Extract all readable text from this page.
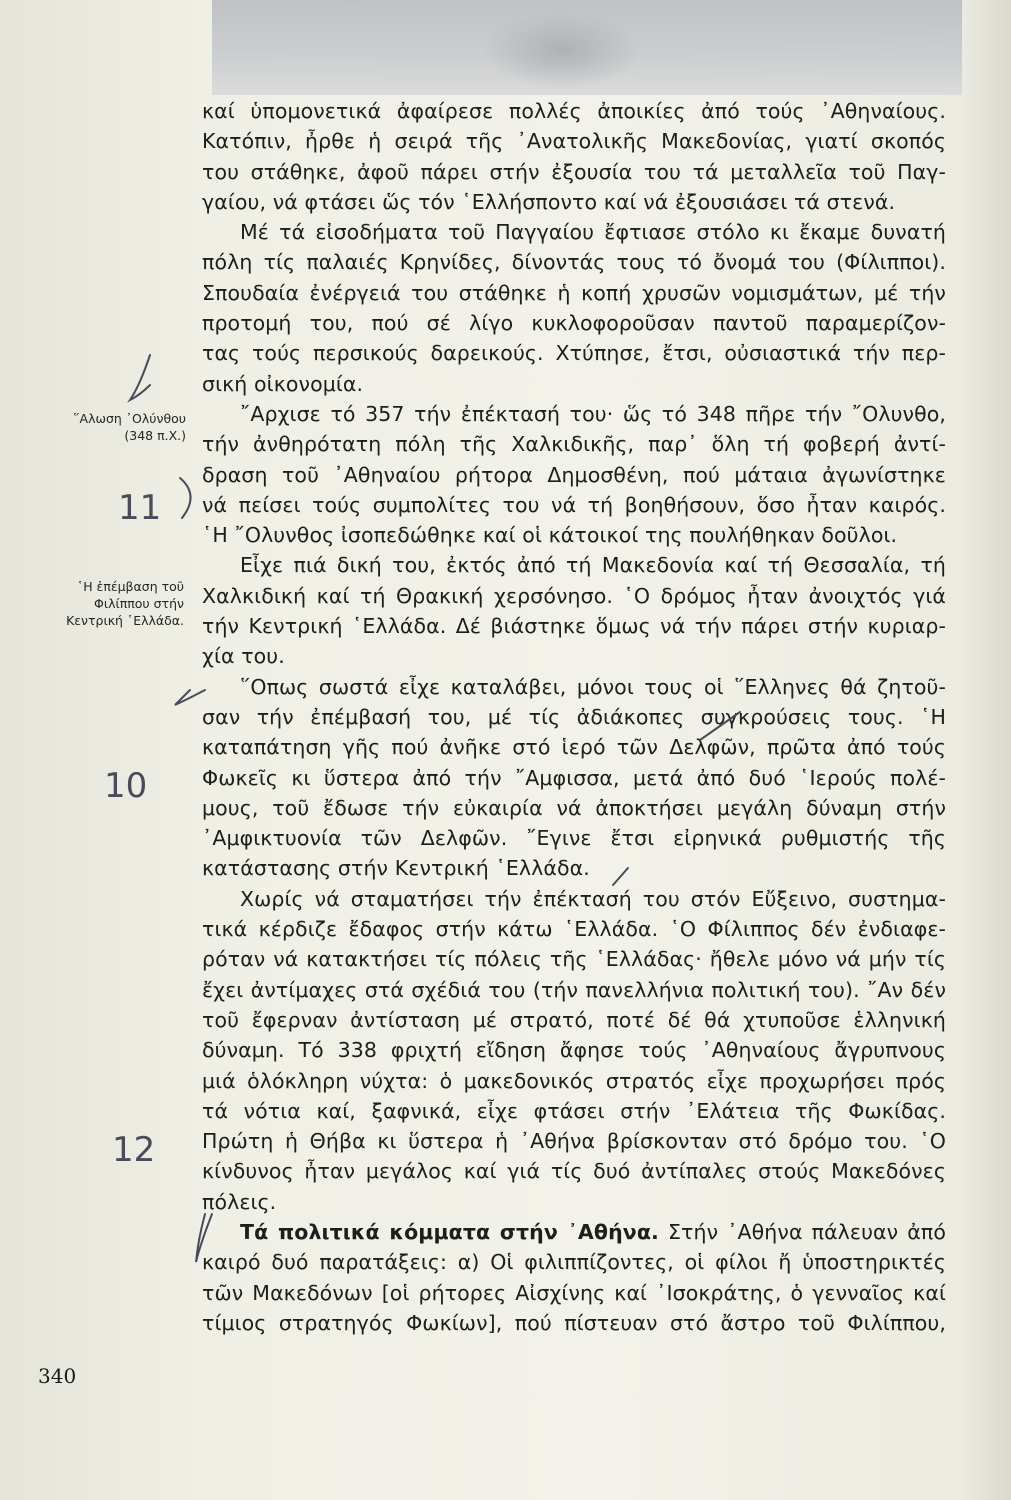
καί ὑπομονετικά ἀφαίρεσε πολλές ἀποικίες ἀπό τούς ᾿Αθηναίους.
Κατόπιν, ἦρθε ἡ σειρά τῆς ᾿Ανατολικῆς Μακεδονίας, γιατί σκοπός
του στάθηκε, ἀφοῦ πάρει στήν ἐξουσία του τά μεταλλεῖα τοῦ Παγ-
γαίου, νά φτάσει ὥς τόν ῾Ελλήσποντο καί νά ἐξουσιάσει τά στενά.
Μέ τά εἰσοδήματα τοῦ Παγγαίου ἔφτιασε στόλο κι ἔκαμε δυνατή
πόλη τίς παλαιές Κρηνίδες, δίνοντάς τους τό ὄνομά του (Φίλιπποι).
Σπουδαία ἐνέργειά του στάθηκε ἡ κοπή χρυσῶν νομισμάτων, μέ τήν
προτομή του, πού σέ λίγο κυκλοφοροῦσαν παντοῦ παραμερίζον-
τας τούς περσικούς δαρεικούς. Χτύπησε, ἔτσι, οὐσιαστικά τήν περ-
σική οἰκονομία.
῎Αρχισε τό 357 τήν ἐπέκτασή του· ὥς τό 348 πῆρε τήν ῎Ολυνθο,
τήν ἀνθηρότατη πόλη τῆς Χαλκιδικῆς, παρ᾿ ὅλη τή φοβερή ἀντί-
δραση τοῦ ᾿Αθηναίου ρήτορα Δημοσθένη, πού μάταια ἀγωνίστηκε
νά πείσει τούς συμπολίτες του νά τή βοηθήσουν, ὅσο ἦταν καιρός.
῾Η ῎Ολυνθος ἰσοπεδώθηκε καί οἱ κάτοικοί της πουλήθηκαν δοῦλοι.
Εἶχε πιά δική του, ἐκτός ἀπό τή Μακεδονία καί τή Θεσσαλία, τή
Χαλκιδική καί τή Θρακική χερσόνησο. ῾Ο δρόμος ἦταν ἀνοιχτός γιά
τήν Κεντρική ῾Ελλάδα. Δέ βιάστηκε ὅμως νά τήν πάρει στήν κυριαρ-
χία του.
῞Οπως σωστά εἶχε καταλάβει, μόνοι τους οἱ ῞Ελληνες θά ζητοῦ-
σαν τήν ἐπέμβασή του, μέ τίς ἀδιάκοπες συγκρούσεις τους. ῾Η
καταπάτηση γῆς πού ἀνῆκε στό ἱερό τῶν Δελφῶν, πρῶτα ἀπό τούς
Φωκεῖς κι ὕστερα ἀπό τήν ῎Αμφισσα, μετά ἀπό δυό ῾Ιερούς πολέ-
μους, τοῦ ἔδωσε τήν εὐκαιρία νά ἀποκτήσει μεγάλη δύναμη στήν
᾿Αμφικτυονία τῶν Δελφῶν. ῎Εγινε ἔτσι εἰρηνικά ρυθμιστής τῆς
κατάστασης στήν Κεντρική ῾Ελλάδα.
Χωρίς νά σταματήσει τήν ἐπέκτασή του στόν Εὔξεινο, συστημα-
τικά κέρδιζε ἔδαφος στήν κάτω ῾Ελλάδα. ῾Ο Φίλιππος δέν ἐνδιαφε-
ρόταν νά κατακτήσει τίς πόλεις τῆς ῾Ελλάδας· ἤθελε μόνο νά μήν τίς
ἔχει ἀντίμαχες στά σχέδιά του (τήν πανελλήνια πολιτική του). ῎Αν δέν
τοῦ ἔφερναν ἀντίσταση μέ στρατό, ποτέ δέ θά χτυποῦσε ἑλληνική
δύναμη. Τό 338 φριχτή εἴδηση ἄφησε τούς ᾿Αθηναίους ἄγρυπνους
μιά ὁλόκληρη νύχτα: ὁ μακεδονικός στρατός εἶχε προχωρήσει πρός
τά νότια καί, ξαφνικά, εἶχε φτάσει στήν ᾿Ελάτεια τῆς Φωκίδας.
Πρώτη ἡ Θήβα κι ὕστερα ἡ ᾿Αθήνα βρίσκονταν στό δρόμο του. ῾Ο
κίνδυνος ἦταν μεγάλος καί γιά τίς δυό ἀντίπαλες στούς Μακεδόνες
πόλεις.
Τά πολιτικά κόμματα στήν ᾿Αθήνα. Στήν ᾿Αθήνα πάλευαν ἀπό
καιρό δυό παρατάξεις: α) Οἱ φιλιππίζοντες, οἱ φίλοι ἤ ὑποστηρικτές
τῶν Μακεδόνων [οἱ ρήτορες Αἰσχίνης καί ᾿Ισοκράτης, ὁ γενναῖος καί
τίμιος στρατηγός Φωκίων], πού πίστευαν στό ἄστρο τοῦ Φιλίππου,
῞Αλωση ᾿Ολύνθου
(348 π.Χ.)
῾Η ἐπέμβαση τοῦ
Φιλίππου στήν
Κεντρική ῾Ελλάδα.
340
11
10
12
